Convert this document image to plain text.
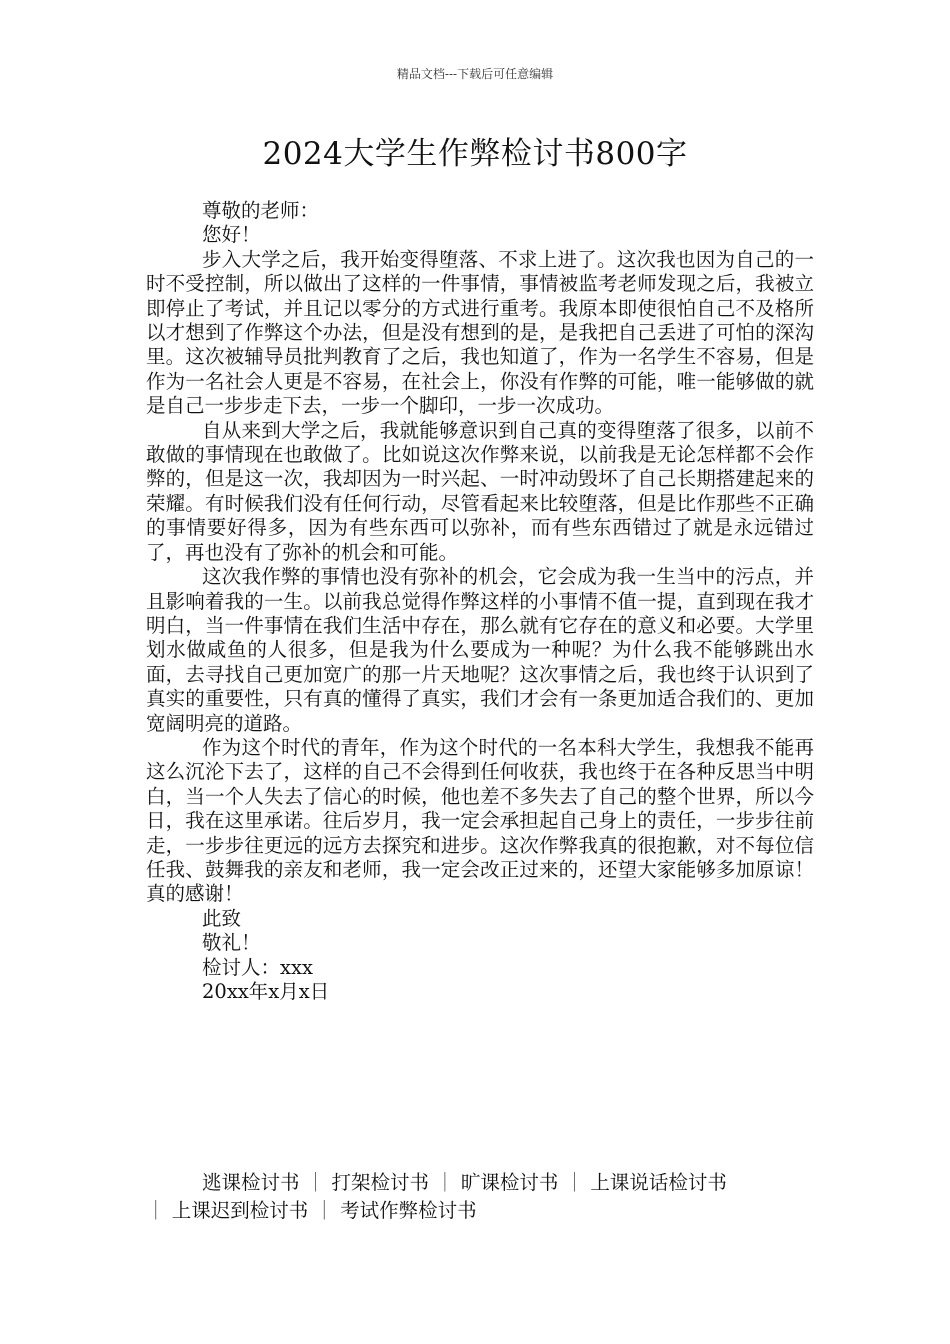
精品文档---下载后可任意编辑
2024大学生作弊检讨书800字

尊敬的老师：

您好！

步入大学之后，我开始变得堕落、不求上进了。这次我也因为自己的一时不受控制，所以做出了这样的一件事情，事情被监考老师发现之后，我被立即停止了考试，并且记以零分的方式进行重考。我原本即使很怕自己不及格所以才想到了作弊这个办法，但是没有想到的是，是我把自己丢进了可怕的深沟里。这次被辅导员批判教育了之后，我也知道了，作为一名学生不容易，但是作为一名社会人更是不容易，在社会上，你没有作弊的可能，唯一能够做的就是自己一步步走下去，一步一个脚印，一步一次成功。

自从来到大学之后，我就能够意识到自己真的变得堕落了很多，以前不敢做的事情现在也敢做了。比如说这次作弊来说，以前我是无论怎样都不会作弊的，但是这一次，我却因为一时兴起、一时冲动毁坏了自己长期搭建起来的荣耀。有时候我们没有任何行动，尽管看起来比较堕落，但是比作那些不正确的事情要好得多，因为有些东西可以弥补，而有些东西错过了就是永远错过了，再也没有了弥补的机会和可能。

这次我作弊的事情也没有弥补的机会，它会成为我一生当中的污点，并且影响着我的一生。以前我总觉得作弊这样的小事情不值一提，直到现在我才明白，当一件事情在我们生活中存在，那么就有它存在的意义和必要。大学里划水做咸鱼的人很多，但是我为什么要成为一种呢？为什么我不能够跳出水面，去寻找自己更加宽广的那一片天地呢？这次事情之后，我也终于认识到了真实的重要性，只有真的懂得了真实，我们才会有一条更加适合我们的、更加宽阔明亮的道路。

作为这个时代的青年，作为这个时代的一名本科大学生，我想我不能再这么沉沦下去了，这样的自己不会得到任何收获，我也终于在各种反思当中明白，当一个人失去了信心的时候，他也差不多失去了自己的整个世界，所以今日，我在这里承诺。往后岁月，我一定会承担起自己身上的责任，一步步往前走，一步步往更远的远方去探究和进步。这次作弊我真的很抱歉，对不每位信任我、鼓舞我的亲友和老师，我一定会改正过来的，还望大家能够多加原谅！真的感谢！

此致

敬礼！

检讨人：xxx

20xx年x月x日

逃课检讨书 ｜ 打架检讨书 ｜ 旷课检讨书 ｜ 上课说话检讨书
｜ 上课迟到检讨书 ｜ 考试作弊检讨书
